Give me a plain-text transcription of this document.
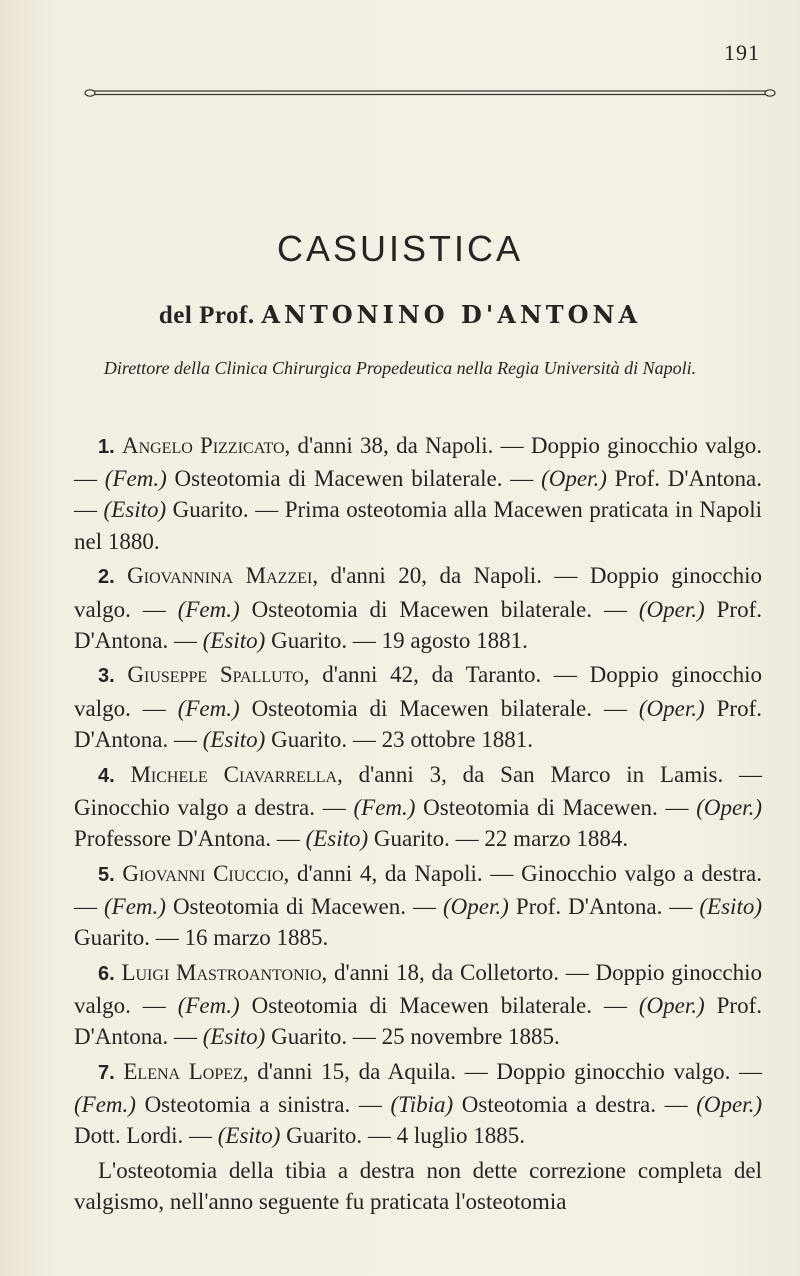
191
CASUISTICA
del Prof. ANTONINO D'ANTONA
Direttore della Clinica Chirurgica Propedeutica nella Regia Università di Napoli.

1. Angelo Pizzicato, d'anni 38, da Napoli. — Doppio ginocchio valgo. — (Fem.) Osteotomia di Macewen bilaterale. — (Oper.) Prof. D'Antona. — (Esito) Guarito. — Prima osteotomia alla Macewen praticata in Napoli nel 1880.

2. Giovannina Mazzei, d'anni 20, da Napoli. — Doppio ginocchio valgo. — (Fem.) Osteotomia di Macewen bilaterale. — (Oper.) Prof. D'Antona. — (Esito) Guarito. — 19 agosto 1881.

3. Giuseppe Spalluto, d'anni 42, da Taranto. — Doppio ginocchio valgo. — (Fem.) Osteotomia di Macewen bilaterale. — (Oper.) Prof. D'Antona. — (Esito) Guarito. — 23 ottobre 1881.

4. Michele Ciavarrella, d'anni 3, da San Marco in Lamis. — Ginocchio valgo a destra. — (Fem.) Osteotomia di Macewen. — (Oper.) Professore D'Antona. — (Esito) Guarito. — 22 marzo 1884.

5. Giovanni Ciuccio, d'anni 4, da Napoli. — Ginocchio valgo a destra. — (Fem.) Osteotomia di Macewen. — (Oper.) Prof. D'Antona. — (Esito) Guarito. — 16 marzo 1885.

6. Luigi Mastroantonio, d'anni 18, da Colletorto. — Doppio ginocchio valgo. — (Fem.) Osteotomia di Macewen bilaterale. — (Oper.) Prof. D'Antona. — (Esito) Guarito. — 25 novembre 1885.

7. Elena Lopez, d'anni 15, da Aquila. — Doppio ginocchio valgo. — (Fem.) Osteotomia a sinistra. — (Tibia) Osteotomia a destra. — (Oper.) Dott. Lordi. — (Esito) Guarito. — 4 luglio 1885.

L'osteotomia della tibia a destra non dette correzione completa del valgismo, nell'anno seguente fu praticata l'osteotomia
